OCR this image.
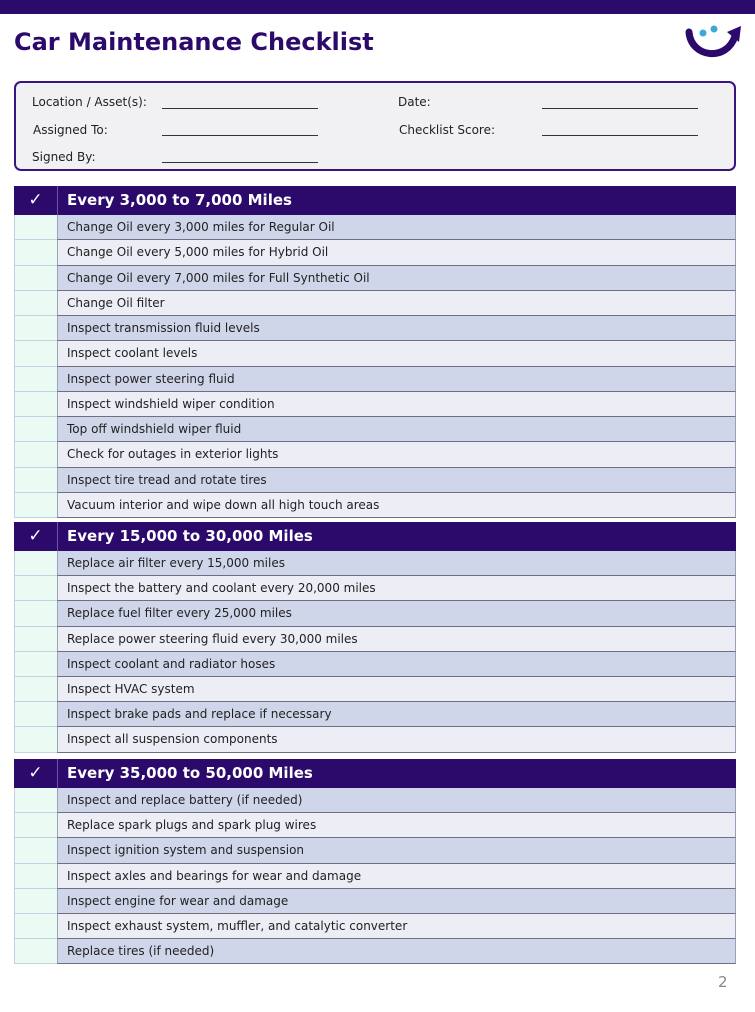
Car Maintenance Checklist
Location / Asset(s):	Date:
Assigned To:	Checklist Score:
Signed By:
✓	Every 3,000 to 7,000 Miles
Change Oil every 3,000 miles for Regular Oil
Change Oil every 5,000 miles for Hybrid Oil
Change Oil every 7,000 miles for Full Synthetic Oil
Change Oil filter
Inspect transmission fluid levels
Inspect coolant levels
Inspect power steering fluid
Inspect windshield wiper condition
Top off windshield wiper fluid
Check for outages in exterior lights
Inspect tire tread and rotate tires
Vacuum interior and wipe down all high touch areas
✓	Every 15,000 to 30,000 Miles
Replace air filter every 15,000 miles
Inspect the battery and coolant every 20,000 miles
Replace fuel filter every 25,000 miles
Replace power steering fluid every 30,000 miles
Inspect coolant and radiator hoses
Inspect HVAC system
Inspect brake pads and replace if necessary
Inspect all suspension components
✓	Every 35,000 to 50,000 Miles
Inspect and replace battery (if needed)
Replace spark plugs and spark plug wires
Inspect ignition system and suspension
Inspect axles and bearings for wear and damage
Inspect engine for wear and damage
Inspect exhaust system, muffler, and catalytic converter
Replace tires (if needed)
2
